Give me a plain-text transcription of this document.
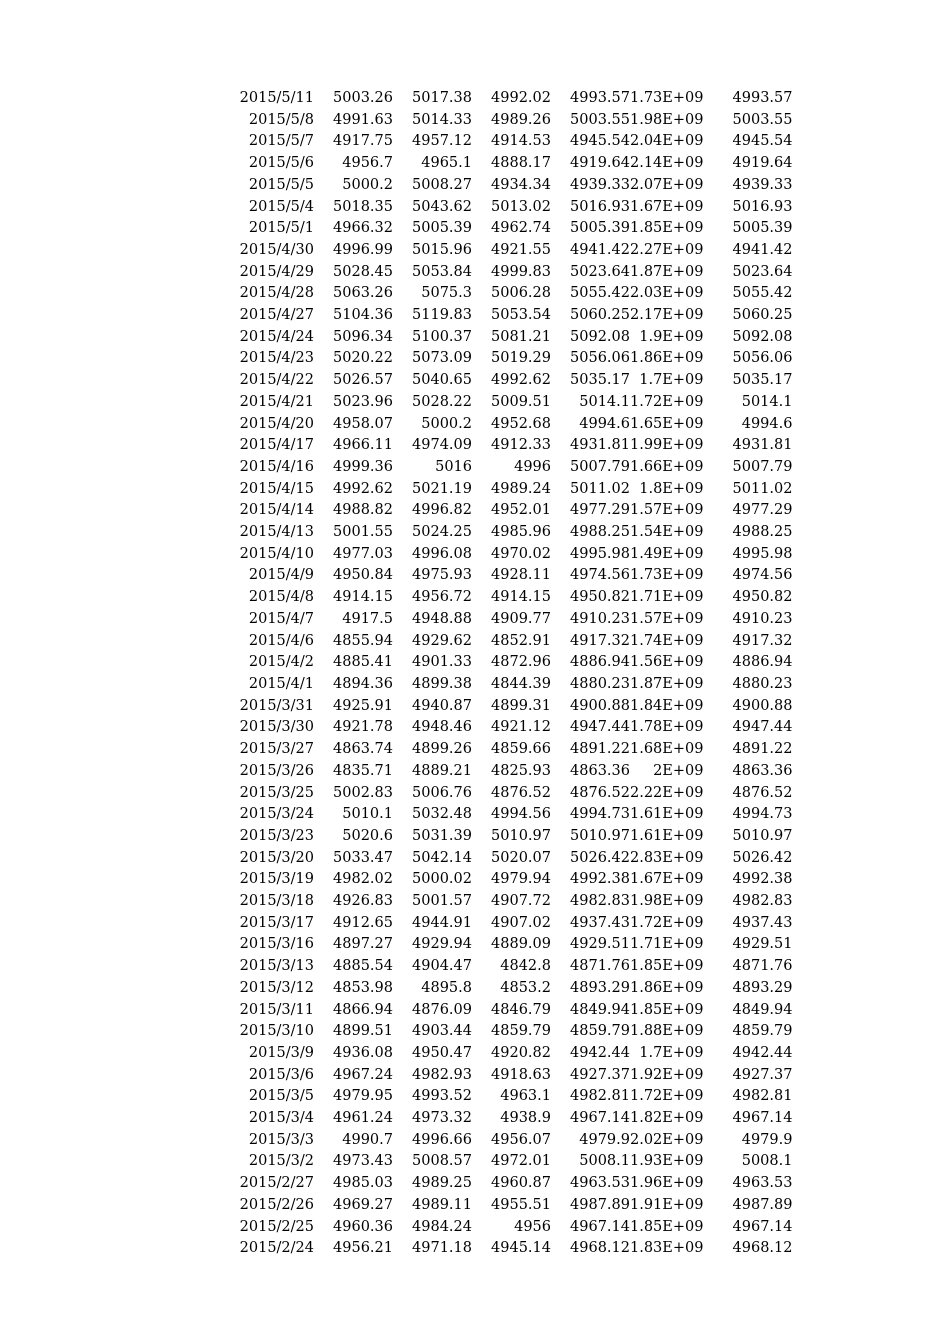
2015/5/11	5003.26	5017.38	4992.02	4993.57	1.73E+09	4993.57
2015/5/8	4991.63	5014.33	4989.26	5003.55	1.98E+09	5003.55
2015/5/7	4917.75	4957.12	4914.53	4945.54	2.04E+09	4945.54
2015/5/6	4956.7	4965.1	4888.17	4919.64	2.14E+09	4919.64
2015/5/5	5000.2	5008.27	4934.34	4939.33	2.07E+09	4939.33
2015/5/4	5018.35	5043.62	5013.02	5016.93	1.67E+09	5016.93
2015/5/1	4966.32	5005.39	4962.74	5005.39	1.85E+09	5005.39
2015/4/30	4996.99	5015.96	4921.55	4941.42	2.27E+09	4941.42
2015/4/29	5028.45	5053.84	4999.83	5023.64	1.87E+09	5023.64
2015/4/28	5063.26	5075.3	5006.28	5055.42	2.03E+09	5055.42
2015/4/27	5104.36	5119.83	5053.54	5060.25	2.17E+09	5060.25
2015/4/24	5096.34	5100.37	5081.21	5092.08	1.9E+09	5092.08
2015/4/23	5020.22	5073.09	5019.29	5056.06	1.86E+09	5056.06
2015/4/22	5026.57	5040.65	4992.62	5035.17	1.7E+09	5035.17
2015/4/21	5023.96	5028.22	5009.51	5014.1	1.72E+09	5014.1
2015/4/20	4958.07	5000.2	4952.68	4994.6	1.65E+09	4994.6
2015/4/17	4966.11	4974.09	4912.33	4931.81	1.99E+09	4931.81
2015/4/16	4999.36	5016	4996	5007.79	1.66E+09	5007.79
2015/4/15	4992.62	5021.19	4989.24	5011.02	1.8E+09	5011.02
2015/4/14	4988.82	4996.82	4952.01	4977.29	1.57E+09	4977.29
2015/4/13	5001.55	5024.25	4985.96	4988.25	1.54E+09	4988.25
2015/4/10	4977.03	4996.08	4970.02	4995.98	1.49E+09	4995.98
2015/4/9	4950.84	4975.93	4928.11	4974.56	1.73E+09	4974.56
2015/4/8	4914.15	4956.72	4914.15	4950.82	1.71E+09	4950.82
2015/4/7	4917.5	4948.88	4909.77	4910.23	1.57E+09	4910.23
2015/4/6	4855.94	4929.62	4852.91	4917.32	1.74E+09	4917.32
2015/4/2	4885.41	4901.33	4872.96	4886.94	1.56E+09	4886.94
2015/4/1	4894.36	4899.38	4844.39	4880.23	1.87E+09	4880.23
2015/3/31	4925.91	4940.87	4899.31	4900.88	1.84E+09	4900.88
2015/3/30	4921.78	4948.46	4921.12	4947.44	1.78E+09	4947.44
2015/3/27	4863.74	4899.26	4859.66	4891.22	1.68E+09	4891.22
2015/3/26	4835.71	4889.21	4825.93	4863.36	2E+09	4863.36
2015/3/25	5002.83	5006.76	4876.52	4876.52	2.22E+09	4876.52
2015/3/24	5010.1	5032.48	4994.56	4994.73	1.61E+09	4994.73
2015/3/23	5020.6	5031.39	5010.97	5010.97	1.61E+09	5010.97
2015/3/20	5033.47	5042.14	5020.07	5026.42	2.83E+09	5026.42
2015/3/19	4982.02	5000.02	4979.94	4992.38	1.67E+09	4992.38
2015/3/18	4926.83	5001.57	4907.72	4982.83	1.98E+09	4982.83
2015/3/17	4912.65	4944.91	4907.02	4937.43	1.72E+09	4937.43
2015/3/16	4897.27	4929.94	4889.09	4929.51	1.71E+09	4929.51
2015/3/13	4885.54	4904.47	4842.8	4871.76	1.85E+09	4871.76
2015/3/12	4853.98	4895.8	4853.2	4893.29	1.86E+09	4893.29
2015/3/11	4866.94	4876.09	4846.79	4849.94	1.85E+09	4849.94
2015/3/10	4899.51	4903.44	4859.79	4859.79	1.88E+09	4859.79
2015/3/9	4936.08	4950.47	4920.82	4942.44	1.7E+09	4942.44
2015/3/6	4967.24	4982.93	4918.63	4927.37	1.92E+09	4927.37
2015/3/5	4979.95	4993.52	4963.1	4982.81	1.72E+09	4982.81
2015/3/4	4961.24	4973.32	4938.9	4967.14	1.82E+09	4967.14
2015/3/3	4990.7	4996.66	4956.07	4979.9	2.02E+09	4979.9
2015/3/2	4973.43	5008.57	4972.01	5008.1	1.93E+09	5008.1
2015/2/27	4985.03	4989.25	4960.87	4963.53	1.96E+09	4963.53
2015/2/26	4969.27	4989.11	4955.51	4987.89	1.91E+09	4987.89
2015/2/25	4960.36	4984.24	4956	4967.14	1.85E+09	4967.14
2015/2/24	4956.21	4971.18	4945.14	4968.12	1.83E+09	4968.12
